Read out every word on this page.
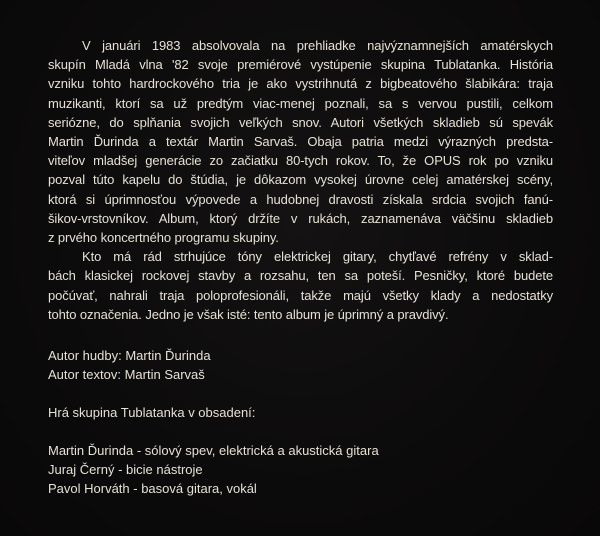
V januári 1983 absolvovala na prehliadke najvýznamnejších amatérskych
skupín Mladá vlna '82 svoje premiérové vystúpenie skupina Tublatanka. História
vzniku tohto hardrockového tria je ako vystrihnutá z bigbeatového šlabikára: traja
muzikanti, ktorí sa už predtým viac-menej poznali, sa s vervou pustili, celkom
seriózne, do splňania svojich veľkých snov. Autori všetkých skladieb sú spevák
Martin Ďurinda a textár Martin Sarvaš. Obaja patria medzi výrazných predsta-
viteľov mladšej generácie zo začiatku 80-tych rokov. To, že OPUS rok po vzniku
pozval túto kapelu do štúdia, je dôkazom vysokej úrovne celej amatérskej scény,
ktorá si úprimnosťou výpovede a hudobnej dravosti získala srdcia svojich fanú-
šikov-vrstovníkov. Album, ktorý držíte v rukách, zaznamenáva väčšinu skladieb
z prvého koncertného programu skupiny.

Kto má rád strhujúce tóny elektrickej gitary, chytľavé refrény v sklad-
bách klasickej rockovej stavby a rozsahu, ten sa poteší. Pesničky, ktoré budete
počúvať, nahrali traja poloprofesionáli, takže majú všetky klady a nedostatky
tohto označenia. Jedno je však isté: tento album je úprimný a pravdivý.

Autor hudby: Martin Ďurinda
Autor textov: Martin Sarvaš
Hrá skupina Tublatanka v obsadení:
Martin Ďurinda - sólový spev, elektrická a akustická gitara
Juraj Černý - bicie nástroje
Pavol Horváth - basová gitara, vokál
